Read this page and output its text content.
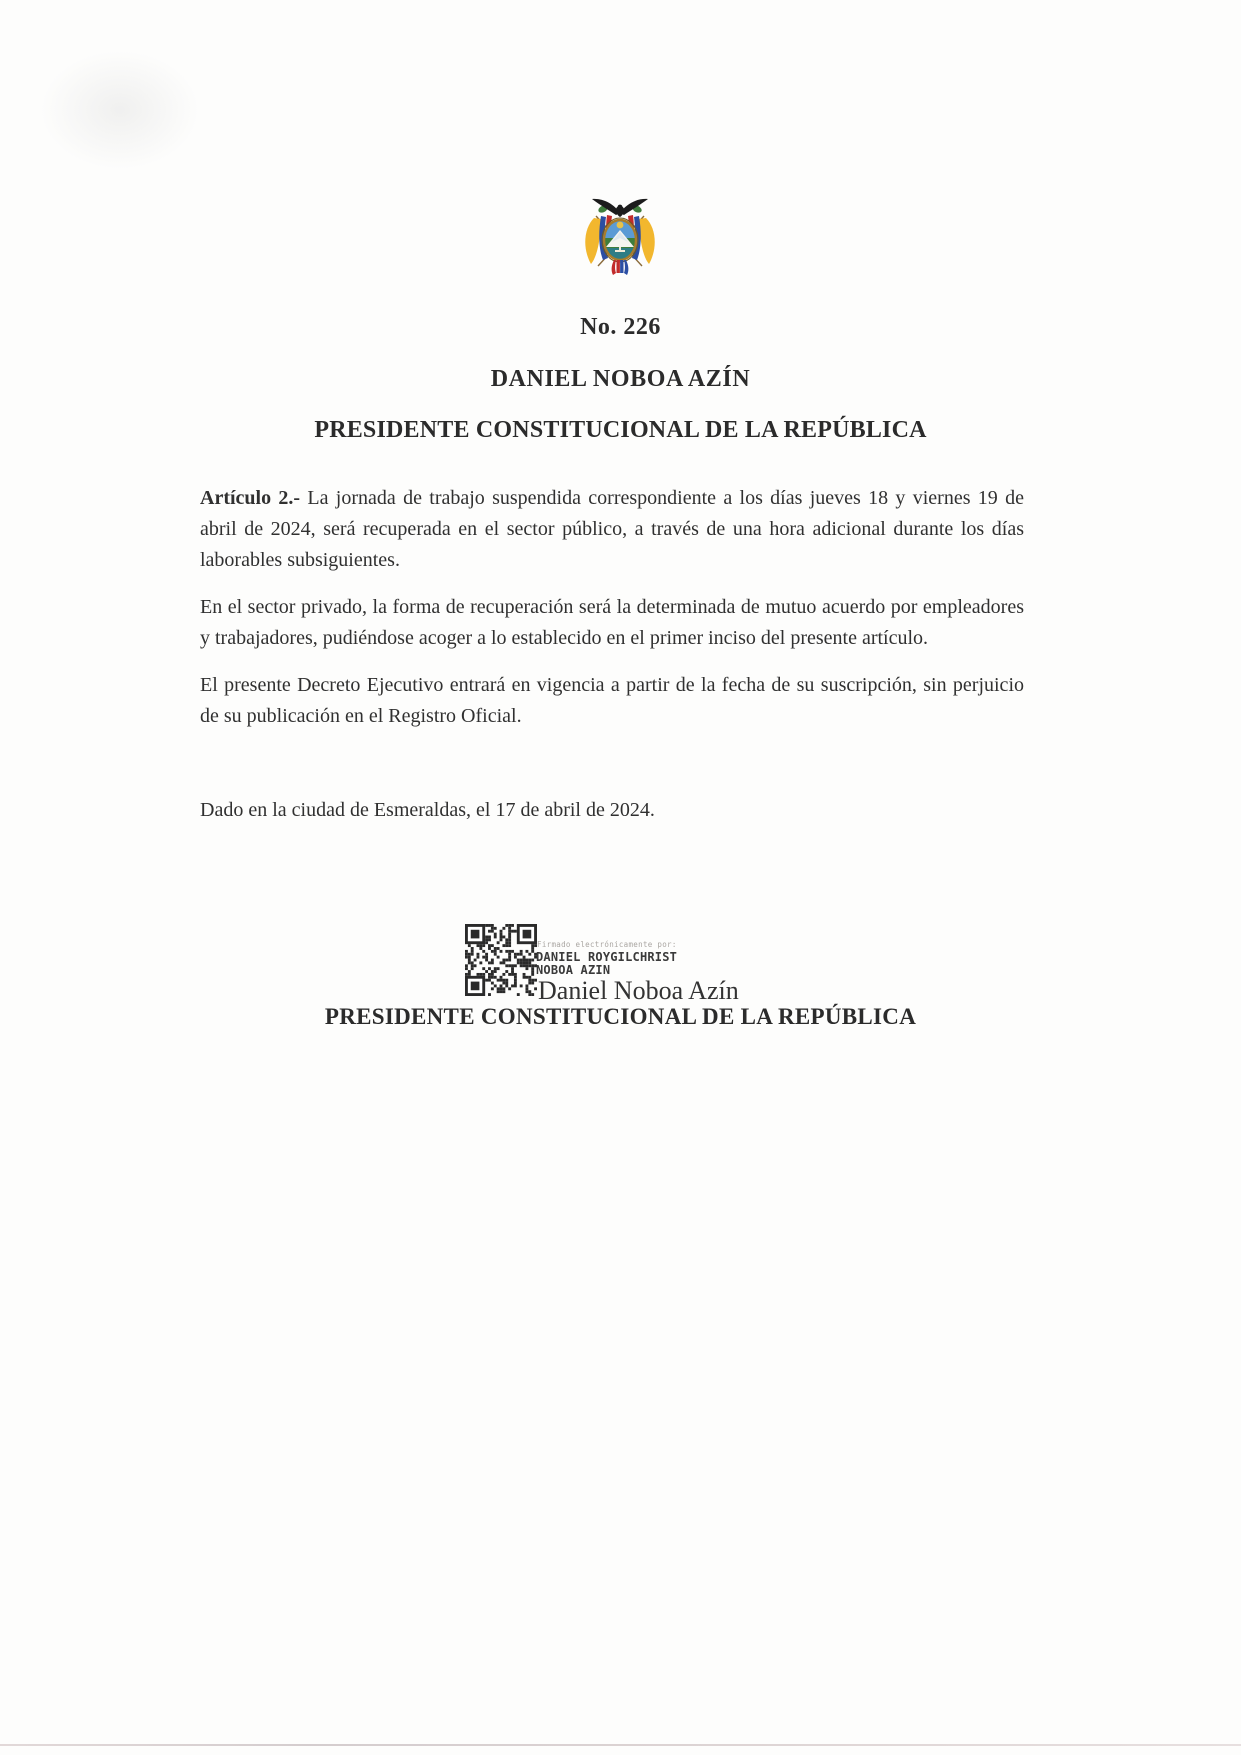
No. 226
DANIEL NOBOA AZÍN
PRESIDENTE CONSTITUCIONAL DE LA REPÚBLICA

Artículo 2.- La jornada de trabajo suspendida correspondiente a los días jueves 18 y viernes 19 de abril de 2024, será recuperada en el sector público, a través de una hora adicional durante los días laborables subsiguientes.

En el sector privado, la forma de recuperación será la determinada de mutuo acuerdo por empleadores y trabajadores, pudiéndose acoger a lo establecido en el primer inciso del presente artículo.

El presente Decreto Ejecutivo entrará en vigencia a partir de la fecha de su suscripción, sin perjuicio de su publicación en el Registro Oficial.

Dado en la ciudad de Esmeraldas, el 17 de abril de 2024.
Firmado electrónicamente por:
DANIEL ROYGILCHRIST
NOBOA AZIN
Daniel Noboa Azín
PRESIDENTE CONSTITUCIONAL DE LA REPÚBLICA
